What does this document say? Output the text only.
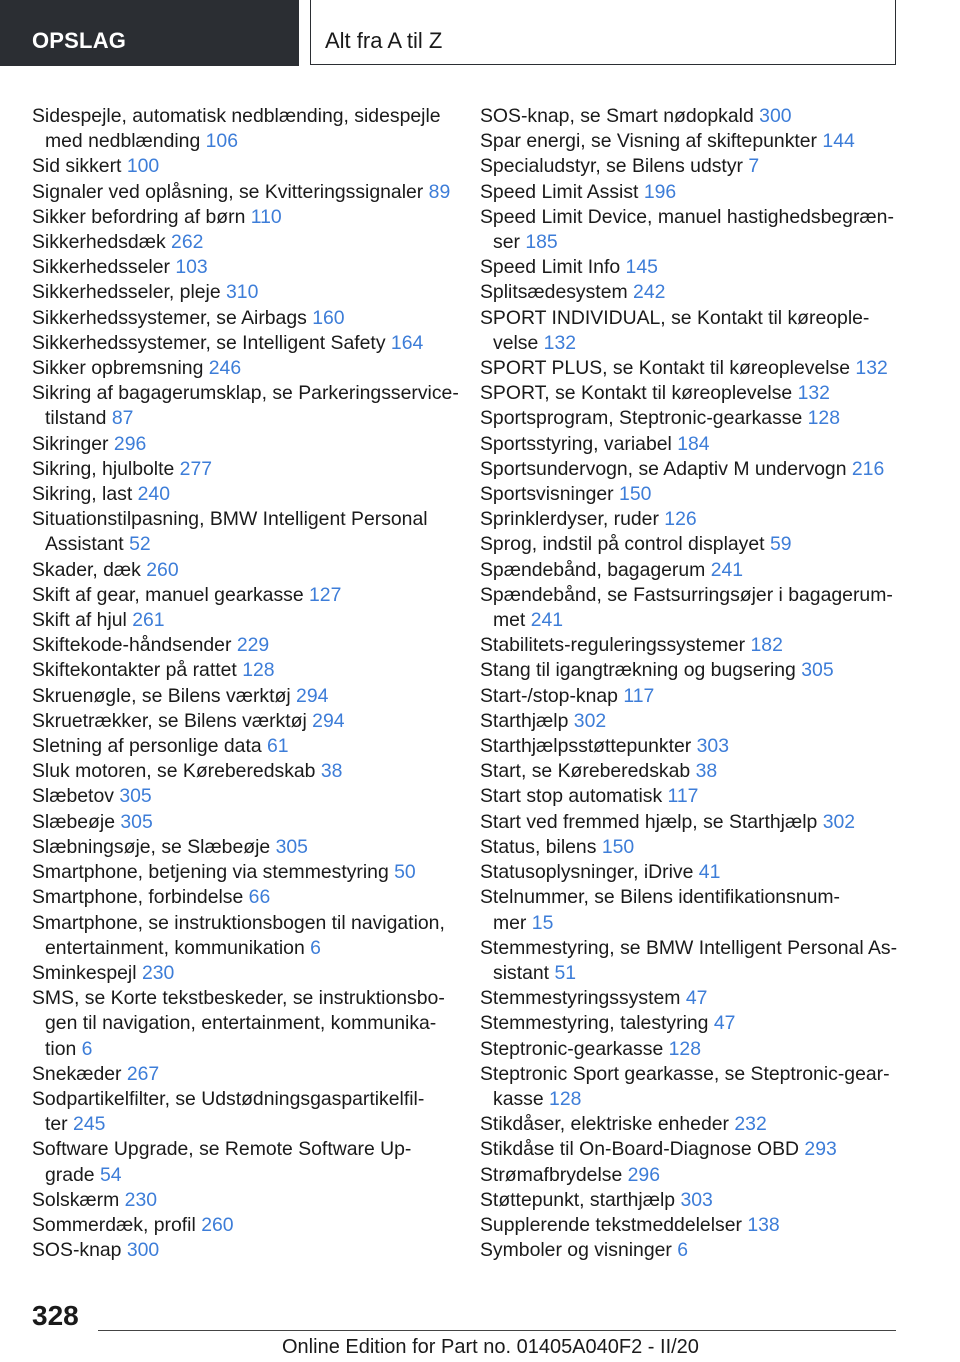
OPSLAG	Alt fra A til Z
Sidespejle, automatisk nedblænding, sidespejle
med nedblænding 106
Sid sikkert 100
Signaler ved oplåsning, se Kvitteringssignaler 89
Sikker befordring af børn 110
Sikkerhedsdæk 262
Sikkerhedsseler 103
Sikkerhedsseler, pleje 310
Sikkerhedssystemer, se Airbags 160
Sikkerhedssystemer, se Intelligent Safety 164
Sikker opbremsning 246
Sikring af bagagerumsklap, se Parkeringsservice-
tilstand 87
Sikringer 296
Sikring, hjulbolte 277
Sikring, last 240
Situationstilpasning, BMW Intelligent Personal
Assistant 52
Skader, dæk 260
Skift af gear, manuel gearkasse 127
Skift af hjul 261
Skiftekode-håndsender 229
Skiftekontakter på rattet 128
Skruenøgle, se Bilens værktøj 294
Skruetrækker, se Bilens værktøj 294
Sletning af personlige data 61
Sluk motoren, se Køreberedskab 38
Slæbetov 305
Slæbeøje 305
Slæbningsøje, se Slæbeøje 305
Smartphone, betjening via stemmestyring 50
Smartphone, forbindelse 66
Smartphone, se instruktionsbogen til navigation,
entertainment, kommunikation 6
Sminkespejl 230
SMS, se Korte tekstbeskeder, se instruktionsbo-
gen til navigation, entertainment, kommunika-
tion 6
Snekæder 267
Sodpartikelfilter, se Udstødningsgaspartikelfil-
ter 245
Software Upgrade, se Remote Software Up-
grade 54
Solskærm 230
Sommerdæk, profil 260
SOS-knap 300
SOS-knap, se Smart nødopkald 300
Spar energi, se Visning af skiftepunkter 144
Specialudstyr, se Bilens udstyr 7
Speed Limit Assist 196
Speed Limit Device, manuel hastighedsbegræn-
ser 185
Speed Limit Info 145
Splitsædesystem 242
SPORT INDIVIDUAL, se Kontakt til køreople-
velse 132
SPORT PLUS, se Kontakt til køreoplevelse 132
SPORT, se Kontakt til køreoplevelse 132
Sportsprogram, Steptronic-gearkasse 128
Sportsstyring, variabel 184
Sportsundervogn, se Adaptiv M undervogn 216
Sportsvisninger 150
Sprinklerdyser, ruder 126
Sprog, indstil på control displayet 59
Spændebånd, bagagerum 241
Spændebånd, se Fastsurringsøjer i bagagerum-
met 241
Stabilitets-reguleringssystemer 182
Stang til igangtrækning og bugsering 305
Start-/stop-knap 117
Starthjælp 302
Starthjælpsstøttepunkter 303
Start, se Køreberedskab 38
Start stop automatisk 117
Start ved fremmed hjælp, se Starthjælp 302
Status, bilens 150
Statusoplysninger, iDrive 41
Stelnummer, se Bilens identifikationsnum-
mer 15
Stemmestyring, se BMW Intelligent Personal As-
sistant 51
Stemmestyringssystem 47
Stemmestyring, talestyring 47
Steptronic-gearkasse 128
Steptronic Sport gearkasse, se Steptronic-gear-
kasse 128
Stikdåser, elektriske enheder 232
Stikdåse til On-Board-Diagnose OBD 293
Strømafbrydelse 296
Støttepunkt, starthjælp 303
Supplerende tekstmeddelelser 138
Symboler og visninger 6
328
Online Edition for Part no. 01405A040F2 - II/20
